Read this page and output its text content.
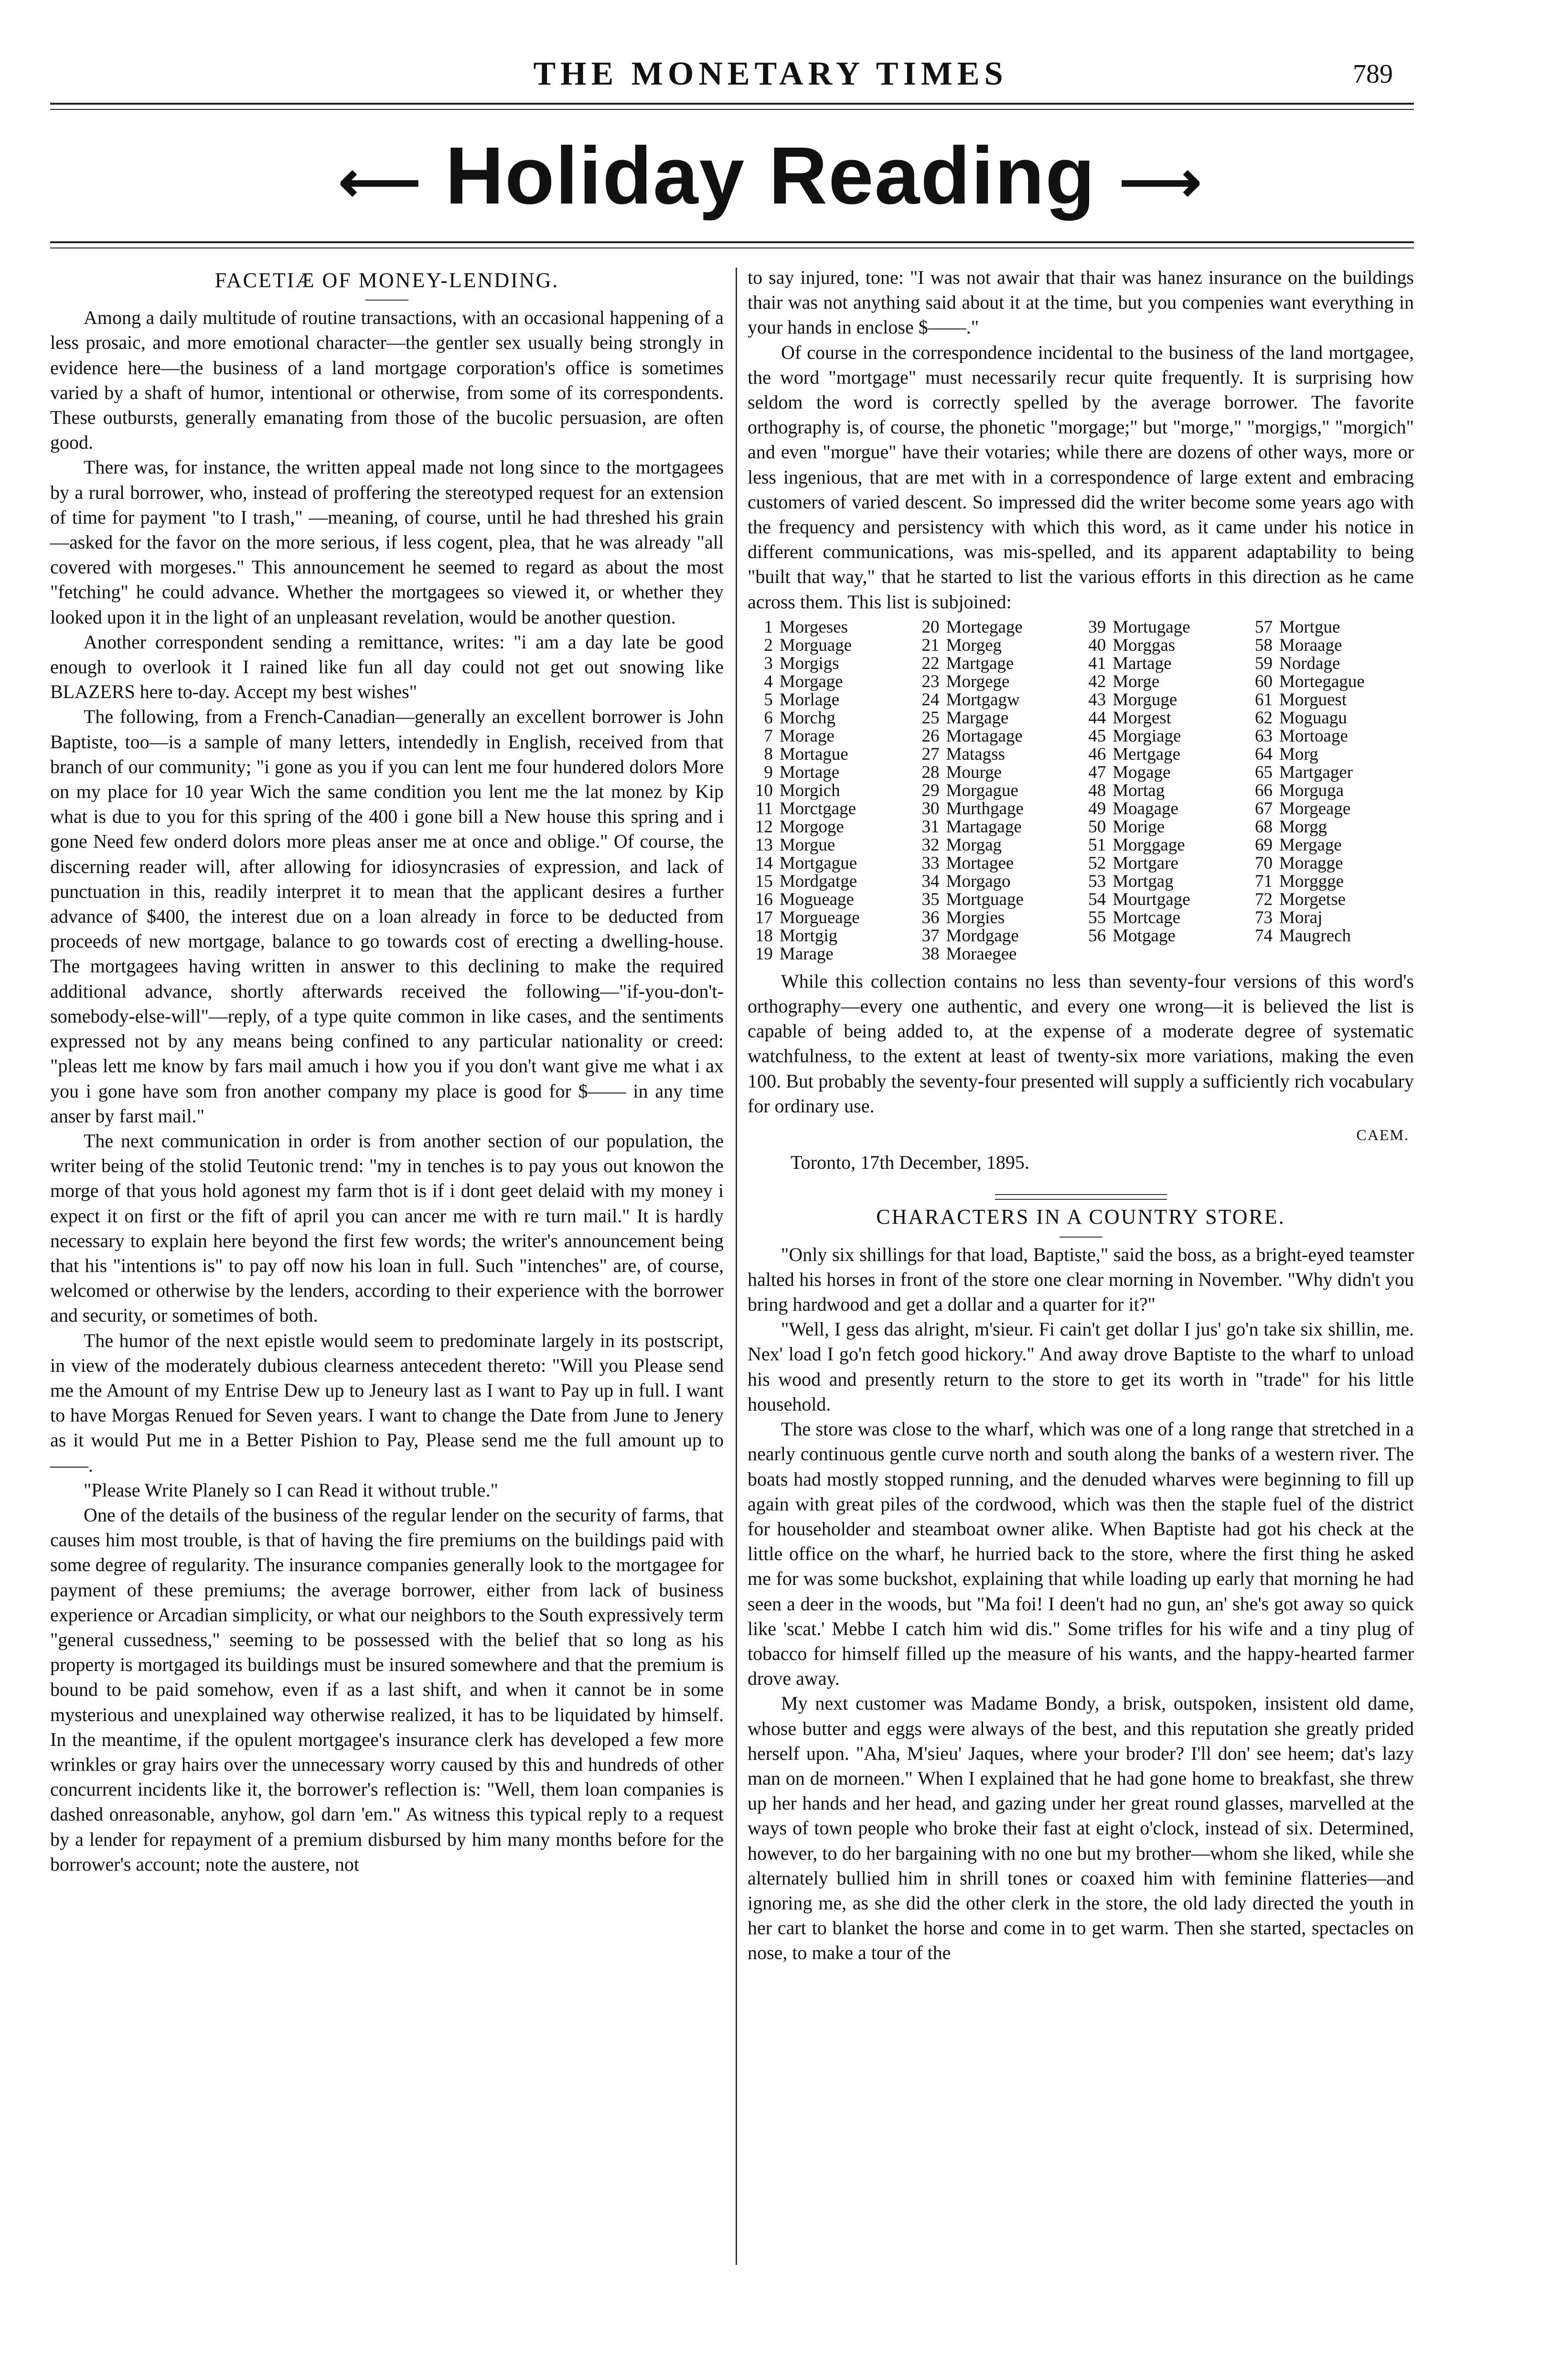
THE MONETARY TIMES	789
⟵ Holiday Reading ⟶
FACETIÆ OF MONEY-LENDING.

Among a daily multitude of routine transactions, with an occasional happening of a less prosaic, and more emotional character—the gentler sex usually being strongly in evidence here—the business of a land mortgage corporation's office is sometimes varied by a shaft of humor, intentional or otherwise, from some of its correspondents. These outbursts, generally emanating from those of the bucolic persuasion, are often good.

There was, for instance, the written appeal made not long since to the mortgagees by a rural borrower, who, instead of proffering the stereotyped request for an extension of time for payment "to I trash," —meaning, of course, until he had threshed his grain—asked for the favor on the more serious, if less cogent, plea, that he was already "all covered with morgeses." This announcement he seemed to regard as about the most "fetching" he could advance. Whether the mortgagees so viewed it, or whether they looked upon it in the light of an unpleasant revelation, would be another question.

Another correspondent sending a remittance, writes: "i am a day late be good enough to overlook it I rained like fun all day could not get out snowing like BLAZERS here to-day. Accept my best wishes"

The following, from a French-Canadian—generally an excellent borrower is John Baptiste, too—is a sample of many letters, intendedly in English, received from that branch of our community; "i gone as you if you can lent me four hundered dolors More on my place for 10 year Wich the same condition you lent me the lat monez by Kip what is due to you for this spring of the 400 i gone bill a New house this spring and i gone Need few onderd dolors more pleas anser me at once and oblige." Of course, the discerning reader will, after allowing for idiosyncrasies of expression, and lack of punctuation in this, readily interpret it to mean that the applicant desires a further advance of $400, the interest due on a loan already in force to be deducted from proceeds of new mortgage, balance to go towards cost of erecting a dwelling-house. The mortgagees having written in answer to this declining to make the required additional advance, shortly afterwards received the following—"if-you-don't-somebody-else-will"—reply, of a type quite common in like cases, and the sentiments expressed not by any means being confined to any particular nationality or creed: "pleas lett me know by fars mail amuch i how you if you don't want give me what i ax you i gone have som fron another company my place is good for $—— in any time anser by farst mail."

The next communication in order is from another section of our population, the writer being of the stolid Teutonic trend: "my in tenches is to pay yous out knowon the morge of that yous hold agonest my farm thot is if i dont geet delaid with my money i expect it on first or the fift of april you can ancer me with re turn mail." It is hardly necessary to explain here beyond the first few words; the writer's announcement being that his "intentions is" to pay off now his loan in full. Such "intenches" are, of course, welcomed or otherwise by the lenders, according to their experience with the borrower and security, or sometimes of both.

The humor of the next epistle would seem to predominate largely in its postscript, in view of the moderately dubious clearness antecedent thereto: "Will you Please send me the Amount of my Entrise Dew up to Jeneury last as I want to Pay up in full. I want to have Morgas Renued for Seven years. I want to change the Date from June to Jenery as it would Put me in a Better Pishion to Pay, Please send me the full amount up to ——.

"Please Write Planely so I can Read it without truble."

One of the details of the business of the regular lender on the security of farms, that causes him most trouble, is that of having the fire premiums on the buildings paid with some degree of regularity. The insurance companies generally look to the mortgagee for payment of these premiums; the average borrower, either from lack of business experience or Arcadian simplicity, or what our neighbors to the South expressively term "general cussedness," seeming to be possessed with the belief that so long as his property is mortgaged its buildings must be insured somewhere and that the premium is bound to be paid somehow, even if as a last shift, and when it cannot be in some mysterious and unexplained way otherwise realized, it has to be liquidated by himself. In the meantime, if the opulent mortgagee's insurance clerk has developed a few more wrinkles or gray hairs over the unnecessary worry caused by this and hundreds of other concurrent incidents like it, the borrower's reflection is: "Well, them loan companies is dashed onreasonable, anyhow, gol darn 'em." As witness this typical reply to a request by a lender for repayment of a premium disbursed by him many months before for the borrower's account; note the austere, not

to say injured, tone: "I was not awair that thair was hanez insurance on the buildings thair was not anything said about it at the time, but you compenies want everything in your hands in enclose $——."

Of course in the correspondence incidental to the business of the land mortgagee, the word "mortgage" must necessarily recur quite frequently. It is surprising how seldom the word is correctly spelled by the average borrower. The favorite orthography is, of course, the phonetic "morgage;" but "morge," "morgigs," "morgich" and even "morgue" have their votaries; while there are dozens of other ways, more or less ingenious, that are met with in a correspondence of large extent and embracing customers of varied descent. So impressed did the writer become some years ago with the frequency and persistency with which this word, as it came under his notice in different communications, was mis-spelled, and its apparent adaptability to being "built that way," that he started to list the various efforts in this direction as he came across them. This list is subjoined:

1	Morgeses	20	Mortegage	39	Mortugage	57	Mortgue
2	Morguage	21	Morgeg	40	Morggas	58	Moraage
3	Morgigs	22	Martgage	41	Martage	59	Nordage
4	Morgage	23	Morgege	42	Morge	60	Mortegague
5	Morlage	24	Mortgagw	43	Morguge	61	Morguest
6	Morchg	25	Margage	44	Morgest	62	Moguagu
7	Morage	26	Mortagage	45	Morgiage	63	Mortoage
8	Mortague	27	Matagss	46	Mertgage	64	Morg
9	Mortage	28	Mourge	47	Mogage	65	Martgager
10	Morgich	29	Morgague	48	Mortag	66	Morguga
11	Morctgage	30	Murthgage	49	Moagage	67	Morgeage
12	Morgoge	31	Martagage	50	Morige	68	Morgg
13	Morgue	32	Morgag	51	Morggage	69	Mergage
14	Mortgague	33	Mortagee	52	Mortgare	70	Moragge
15	Mordgatge	34	Morgago	53	Mortgag	71	Morggge
16	Mogueage	35	Mortguage	54	Mourtgage	72	Morgetse
17	Morgueage	36	Morgies	55	Mortcage	73	Moraj
18	Mortgig	37	Mordgage	56	Motgage	74	Maugrech
19	Marage	38	Moraegee				

While this collection contains no less than seventy-four versions of this word's orthography—every one authentic, and every one wrong—it is believed the list is capable of being added to, at the expense of a moderate degree of systematic watchfulness, to the extent at least of twenty-six more variations, making the even 100. But probably the seventy-four presented will supply a sufficiently rich vocabulary for ordinary use.

CAEM.

Toronto, 17th December, 1895.

CHARACTERS IN A COUNTRY STORE.

"Only six shillings for that load, Baptiste," said the boss, as a bright-eyed teamster halted his horses in front of the store one clear morning in November. "Why didn't you bring hardwood and get a dollar and a quarter for it?"

"Well, I gess das alright, m'sieur. Fi cain't get dollar I jus' go'n take six shillin, me. Nex' load I go'n fetch good hickory." And away drove Baptiste to the wharf to unload his wood and presently return to the store to get its worth in "trade" for his little household.

The store was close to the wharf, which was one of a long range that stretched in a nearly continuous gentle curve north and south along the banks of a western river. The boats had mostly stopped running, and the denuded wharves were beginning to fill up again with great piles of the cordwood, which was then the staple fuel of the district for householder and steamboat owner alike. When Baptiste had got his check at the little office on the wharf, he hurried back to the store, where the first thing he asked me for was some buckshot, explaining that while loading up early that morning he had seen a deer in the woods, but "Ma foi! I deen't had no gun, an' she's got away so quick like 'scat.' Mebbe I catch him wid dis." Some trifles for his wife and a tiny plug of tobacco for himself filled up the measure of his wants, and the happy-hearted farmer drove away.

My next customer was Madame Bondy, a brisk, outspoken, insistent old dame, whose butter and eggs were always of the best, and this reputation she greatly prided herself upon. "Aha, M'sieu' Jaques, where your broder? I'll don' see heem; dat's lazy man on de morneen." When I explained that he had gone home to breakfast, she threw up her hands and her head, and gazing under her great round glasses, marvelled at the ways of town people who broke their fast at eight o'clock, instead of six. Determined, however, to do her bargaining with no one but my brother—whom she liked, while she alternately bullied him in shrill tones or coaxed him with feminine flatteries—and ignoring me, as she did the other clerk in the store, the old lady directed the youth in her cart to blanket the horse and come in to get warm. Then she started, spectacles on nose, to make a tour of the
